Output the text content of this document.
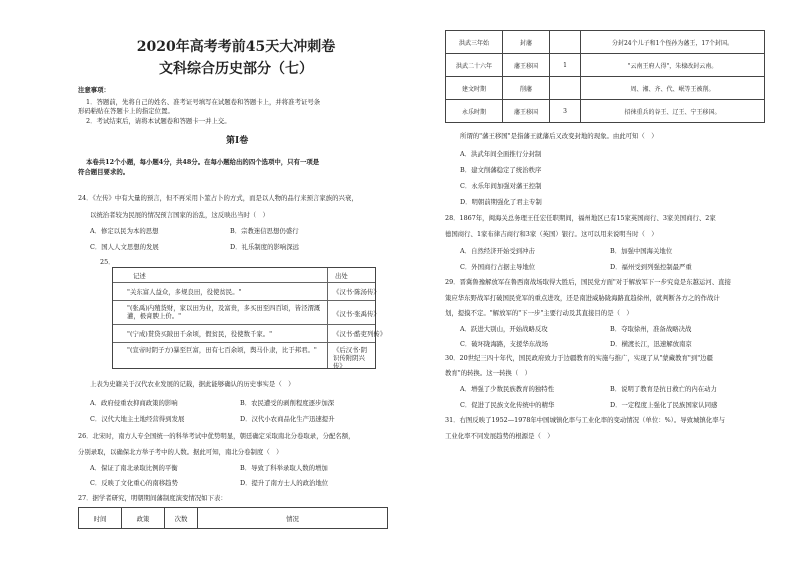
2020年高考考前45天大冲刺卷
文科综合历史部分（七）
注意事项：
1．答题前，先将自己的姓名、准考证号填写在试题卷和答题卡上，并将准考证号条
形码粘贴在答题卡上的指定位置。
2．考试结束后，请将本试题卷和答题卡一并上交。
第Ⅰ卷
本卷共12个小题，每小题4分，共48分。在每小题给出的四个选项中，只有一项是
符合题目要求的。
24．《左传》中有大量的预言，但不再采用卜筮占卜的方式，而是以人物的品行来预言家族的兴衰，
以统治者较为民展的情况预言国家的治乱，这反映出当时（　）
A．修定以民为本的思想	B．宗教迷信思想仍盛行
C．国人人文思想的发展	D．礼乐制度的影响深远
25．
记述	出处
"关东富人益众，多规良田，役使贫民。"	《汉书·陈汤传》
"(张禹)内殖货财，家以田为业，及富贵，多买田至四百顷，皆泾渭溉灌，极膏腴上价。"	《汉书·张禹传》
"(宁成)贳贷买陂田千余顷，假贫民，役使数千家。"	《汉书·酷吏列传》
"(宣帝时阴子方)暴至巨富，田有七百余顷，舆马仆隶，比于邦君。"	《后汉书·阴识传附阴兴传》
上表为史籍关于汉代农业发展的记载，据此能够确认的历史事实是（　）
A．政府侵重农抑商政策的影响	B．农民遭受的剥削程度逐步加深
C．汉代大地主土地经营得到发展	D．汉代小农商品化生产迅速提升
26．北宋时，南方人专全国统一的科举考试中优势明显，朝廷确定采取南北分卷取录，分配名额，
分别录取，以确保北方举子考中的人数。据此可知，南北分卷制度（　）
A．保证了南北录取比例的平衡	B．导致了科举录取人数的增加
C．反映了文化重心的南移趋势	D．提升了南方士人的政治地位
27．据学者研究，明朝期间藩制度演变情况如下表：
时间	政策	次数	情况
洪武三年始	封藩		分封24个儿子和1个侄孙为藩王，17个封国。
洪武二十六年	藩王移国	1	"云南王府人得"，朱棣改封云南。
建文时期	削藩		周、湘、齐、代、岷等王被削。
永乐时期	藩王移国	3	招徕重兵的谷王、辽王、宁王移国。
所谓的"藩王移国"是指藩王就藩后又改变封地的现象。由此可知（　）
A．洪武年间全面推行分封制
B．建文削藩稳定了统治秩序
C．永乐年间加强对藩王控制
D．明朝前期强化了君主专制
28．1867年，闽海关总务理王任宏任职期间，福州地区已有15家英国商行、3家美国商行、2家
德国商行、1家布律吉商行和3家（英国）银行。这可以用来说明当时（　）
A．自然经济开始受到冲击	B．加强中国海关地位
C．外国商行占据主导地位	D．福州受到列强控制最严重
29．晋冀鲁豫解放军在鲁西南战场取得大胜后，国民党方面"对于解放军下一步究竟是东越运河、直接
策应华东野战军打破国民党军的重点进攻，还是南进威胁陇海路直趋徐州，就判断各方之的作战计
划，提摸不定。"解放军的"下一步"主要行动及其直接目的是（　）
A．跃进大别山，开始战略反攻	B．夺取徐州，准备战略决战
C．破坏陇海路，支援华东战场	D．横渡长江，迅速解放南京
30．20世纪三四十年代，国民政府致力于边疆教育的实施与推广，实现了从"蒙藏教育"到"边疆
教育"的转换。这一转换（　）
A．增强了少数民族教育的独特性	B．说明了教育是抗日救亡的内在动力
C．促进了民族文化传统中的精华	D．一定程度上强化了民族国家认同感
31．右图反映了1952—1978年中国城镇化率与工业化率的变动情况（单位：%）。导致城镇化率与
工业化率不同发展趋势的根源是（　）
